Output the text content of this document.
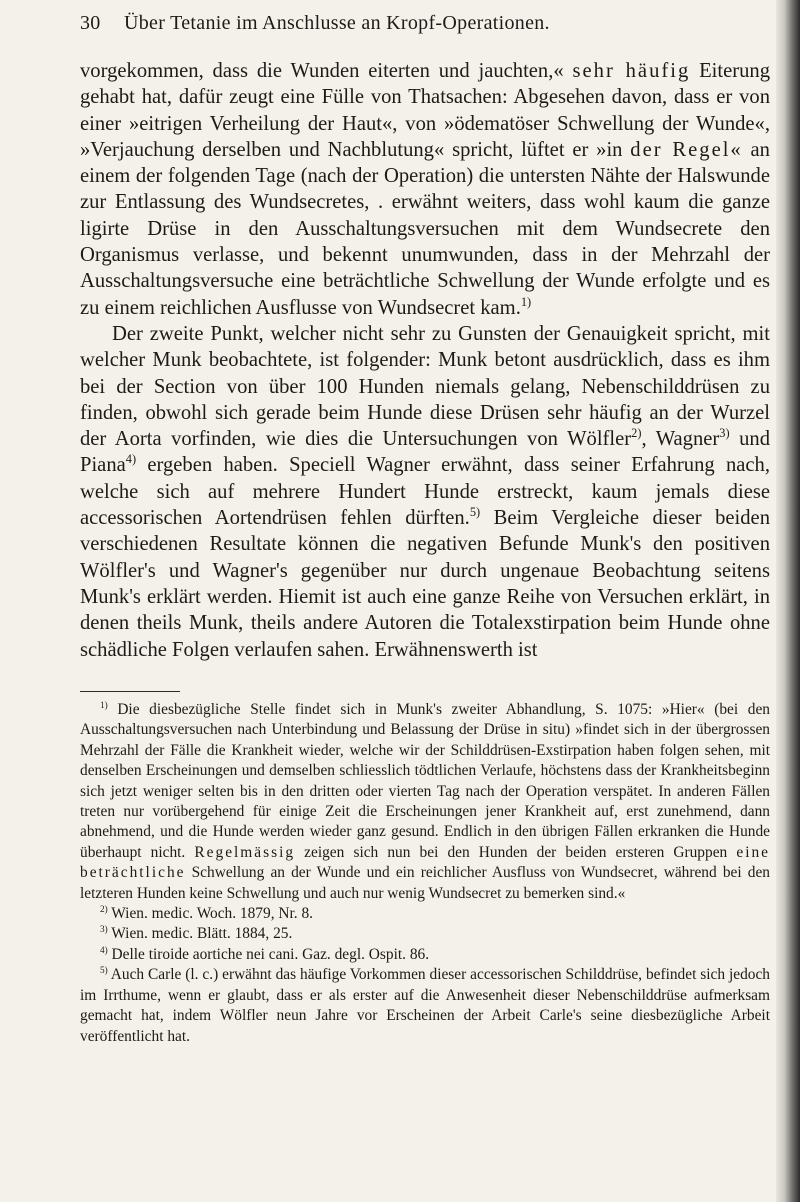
30 Über Tetanie im Anschlusse an Kropf-Operationen.

vorgekommen, dass die Wunden eiterten und jauchten,« sehr häufig Eiterung gehabt hat, dafür zeugt eine Fülle von Thatsachen: Abgesehen davon, dass er von einer »eitrigen Verheilung der Haut«, von »ödematöser Schwellung der Wunde«, »Verjauchung derselben und Nachblutung« spricht, lüftet er »in der Regel« an einem der folgenden Tage (nach der Operation) die untersten Nähte der Halswunde zur Entlassung des Wundsecretes, . erwähnt weiters, dass wohl kaum die ganze ligirte Drüse in den Ausschaltungsversuchen mit dem Wundsecrete den Organismus verlasse, und bekennt unumwunden, dass in der Mehrzahl der Ausschaltungsversuche eine beträchtliche Schwellung der Wunde erfolgte und es zu einem reichlichen Ausflusse von Wundsecret kam.$^{1)}$

Der zweite Punkt, welcher nicht sehr zu Gunsten der Genauigkeit spricht, mit welcher Munk beobachtete, ist folgender: Munk betont ausdrücklich, dass es ihm bei der Section von über 100 Hunden niemals gelang, Nebenschilddrüsen zu finden, obwohl sich gerade beim Hunde diese Drüsen sehr häufig an der Wurzel der Aorta vorfinden, wie dies die Untersuchungen von Wölfler$^{2)}$, Wagner$^{3)}$ und Piana$^{4)}$ ergeben haben. Speciell Wagner erwähnt, dass seiner Erfahrung nach, welche sich auf mehrere Hundert Hunde erstreckt, kaum jemals diese accessorischen Aortendrüsen fehlen dürften.$^{5)}$ Beim Vergleiche dieser beiden verschiedenen Resultate können die negativen Befunde Munk's den positiven Wölfler's und Wagner's gegenüber nur durch ungenaue Beobachtung seitens Munk's erklärt werden. Hiemit ist auch eine ganze Reihe von Versuchen erklärt, in denen theils Munk, theils andere Autoren die Totalexstirpation beim Hunde ohne schädliche Folgen verlaufen sahen. Erwähnenswerth ist

$^{1)}$ Die diesbezügliche Stelle findet sich in Munk's zweiter Abhandlung, S. 1075: »Hier« (bei den Ausschaltungsversuchen nach Unterbindung und Belassung der Drüse in situ) »findet sich in der übergrossen Mehrzahl der Fälle die Krankheit wieder, welche wir der Schilddrüsen-Exstirpation haben folgen sehen, mit denselben Erscheinungen und demselben schliesslich tödtlichen Verlaufe, höchstens dass der Krankheitsbeginn sich jetzt weniger selten bis in den dritten oder vierten Tag nach der Operation verspätet. In anderen Fällen treten nur vorübergehend für einige Zeit die Erscheinungen jener Krankheit auf, erst zunehmend, dann abnehmend, und die Hunde werden wieder ganz gesund. Endlich in den übrigen Fällen erkranken die Hunde überhaupt nicht. Regelmässig zeigen sich nun bei den Hunden der beiden ersteren Gruppen eine beträchtliche Schwellung an der Wunde und ein reichlicher Ausfluss von Wundsecret, während bei den letzteren Hunden keine Schwellung und auch nur wenig Wundsecret zu bemerken sind.«

$^{2)}$ Wien. medic. Woch. 1879, Nr. 8.

$^{3)}$ Wien. medic. Blätt. 1884, 25.

$^{4)}$ Delle tiroide aortiche nei cani. Gaz. degl. Ospit. 86.

$^{5)}$ Auch Carle (l. c.) erwähnt das häufige Vorkommen dieser accessorischen Schilddrüse, befindet sich jedoch im Irrthume, wenn er glaubt, dass er als erster auf die Anwesenheit dieser Nebenschilddrüse aufmerksam gemacht hat, indem Wölfler neun Jahre vor Erscheinen der Arbeit Carle's seine diesbezügliche Arbeit veröffentlicht hat.
